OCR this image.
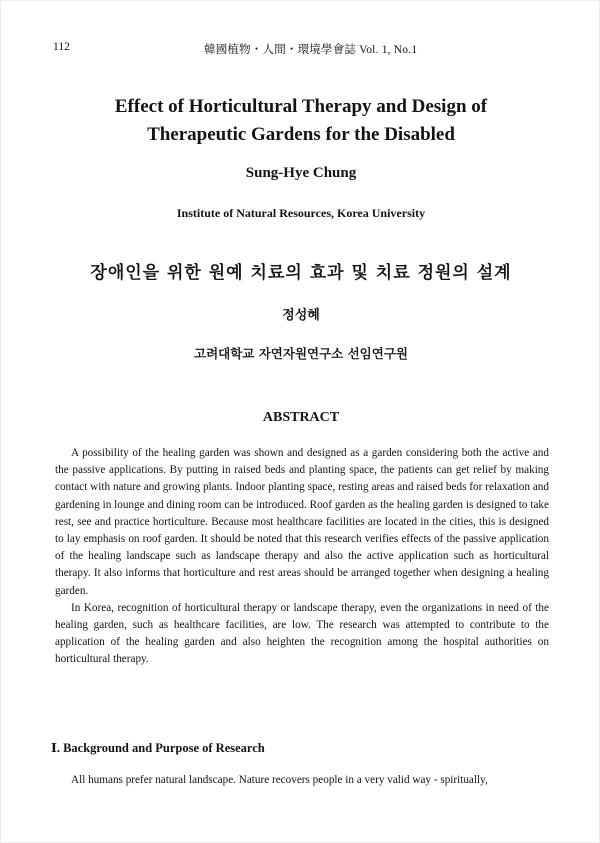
112	韓國植物・人間・環境學會誌 Vol. 1, No.1
Effect of Horticultural Therapy and Design of
Therapeutic Gardens for the Disabled
Sung-Hye Chung
Institute of Natural Resources, Korea University
장애인을 위한 원예 치료의 효과 및 치료 정원의 설계
정성혜
고려대학교 자연자원연구소 선임연구원
ABSTRACT

A possibility of the healing garden was shown and designed as a garden considering both the active and the passive applications. By putting in raised beds and planting space, the patients can get relief by making contact with nature and growing plants. Indoor planting space, resting areas and raised beds for relaxation and gardening in lounge and dining room can be introduced. Roof garden as the healing garden is designed to take rest, see and practice horticulture. Because most healthcare facilities are located in the cities, this is designed to lay emphasis on roof garden. It should be noted that this research verifies effects of the passive application of the healing landscape such as landscape therapy and also the active application such as horticultural therapy. It also informs that horticulture and rest areas should be arranged together when designing a healing garden.

In Korea, recognition of horticultural therapy or landscape therapy, even the organizations in need of the healing garden, such as healthcare facilities, are low. The research was attempted to contribute to the application of the healing garden and also heighten the recognition among the hospital authorities on horticultural therapy.

Ⅰ. Background and Purpose of Research

All humans prefer natural landscape. Nature recovers people in a very valid way - spiritually,
